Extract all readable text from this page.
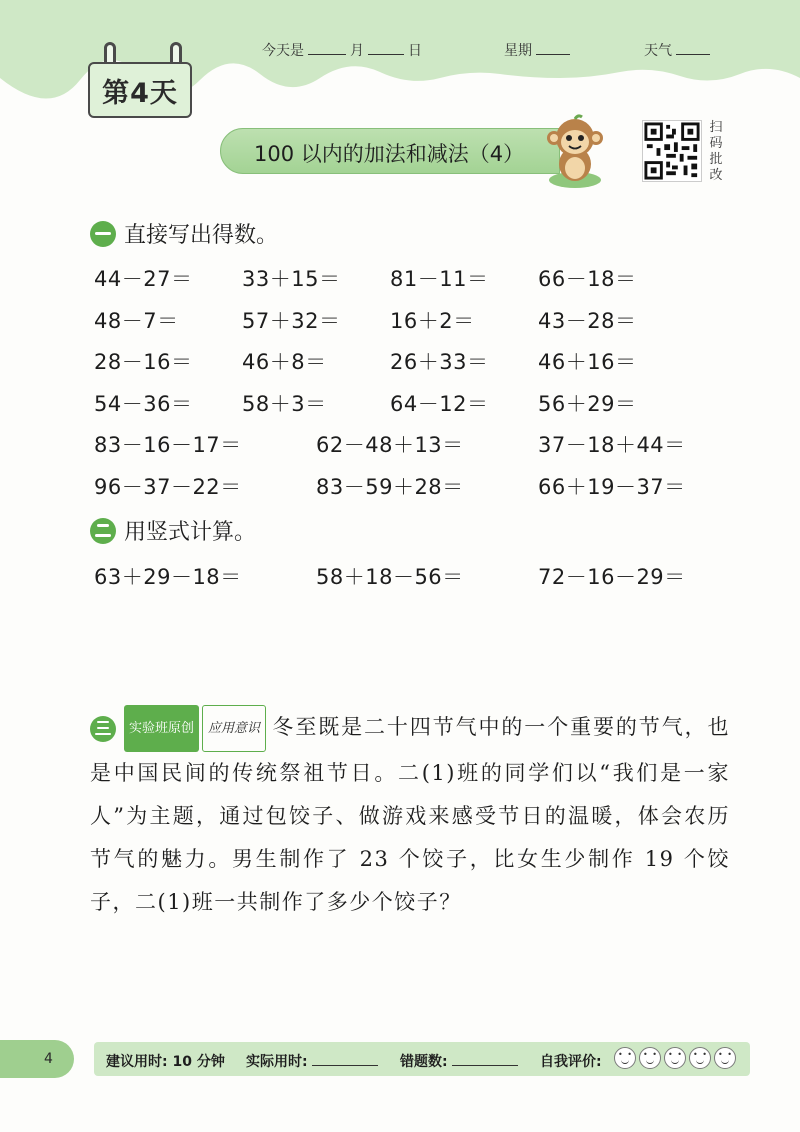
第4天
今天是	月	日	星期	天气
100 以内的加法和减法（4）
扫
码
批
改
直接写出得数。
44－27＝ 33＋15＝ 81－11＝ 66－18＝
48－7＝	57＋32＝ 16＋2＝	43－28＝
28－16＝ 46＋8＝	26＋33＝ 46＋16＝
54－36＝ 58＋3＝	64－12＝ 56＋29＝
83－16－17＝	62－48＋13＝	37－18＋44＝
96－37－22＝	83－59＋28＝	66＋19－37＝
用竖式计算。
63＋29－18＝	58＋18－56＝	72－16－29＝
实验班原创 应用意识 冬至既是二十四节气中的一个重要的节气，也是中国民间的传统祭祖节日。二(1)班的同学们以“我们是一家人”为主题，通过包饺子、做游戏来感受节日的温暖，体会农历节气的魅力。男生制作了 23 个饺子，比女生少制作 19 个饺子，二(1)班一共制作了多少个饺子？
4	建议用时: 10 分钟 实际用时:	错题数:	自我评价:
• •
• •
• •
• •
• •
